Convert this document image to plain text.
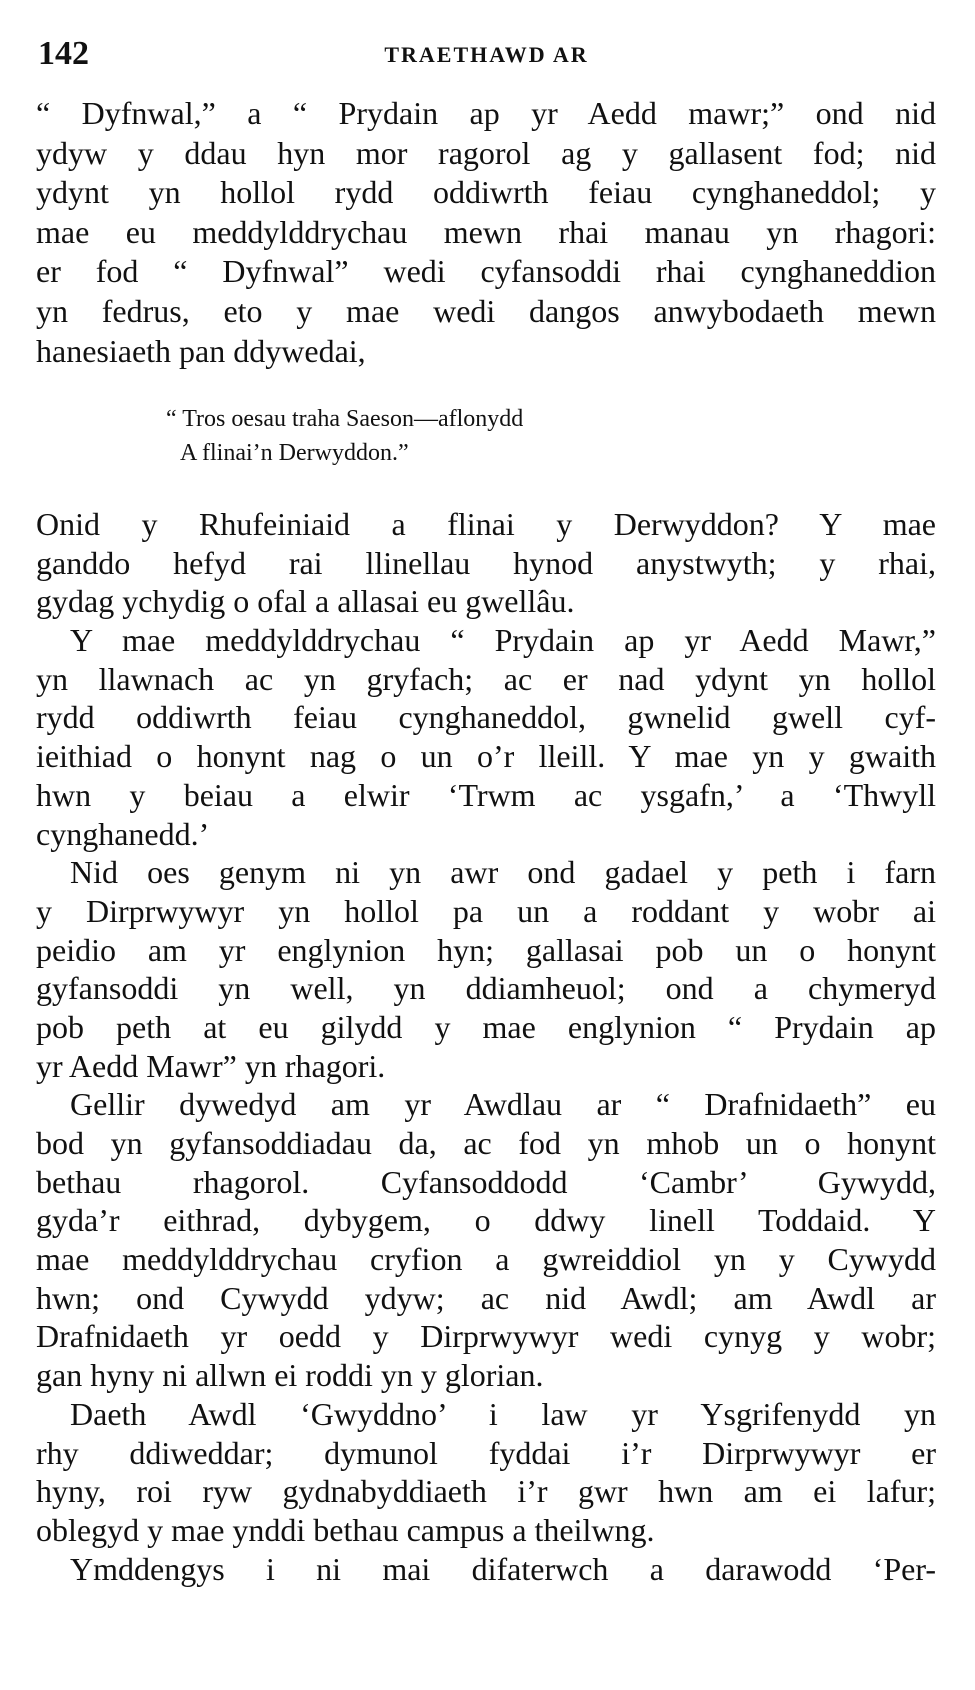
142	TRAETHAWD AR
“ Dyfnwal,” a “ Prydain ap yr Aedd mawr;” ond nid
ydyw y ddau hyn mor ragorol ag y gallasent fod; nid
ydynt yn hollol rydd oddiwrth feiau cynghaneddol; y
mae eu meddylddrychau mewn rhai manau yn rhagori:
er fod “ Dyfnwal” wedi cyfansoddi rhai cynghaneddion
yn fedrus, eto y mae wedi dangos anwybodaeth mewn
hanesiaeth pan ddywedai,
“ Tros oesau traha Saeson—aflonydd
A flinai’n Derwyddon.”
Onid y Rhufeiniaid a flinai y Derwyddon? Y mae
ganddo hefyd rai llinellau hynod anystwyth; y rhai,
gydag ychydig o ofal a allasai eu gwellâu.
Y mae meddylddrychau “ Prydain ap yr Aedd Mawr,”
yn llawnach ac yn gryfach; ac er nad ydynt yn hollol
rydd oddiwrth feiau cynghaneddol, gwnelid gwell cyf-
ieithiad o honynt nag o un o’r lleill. Y mae yn y gwaith
hwn y beiau a elwir ‘Trwm ac ysgafn,’ a ‘Thwyll
cynghanedd.’
Nid oes genym ni yn awr ond gadael y peth i farn
y Dirprwywyr yn hollol pa un a roddant y wobr ai
peidio am yr englynion hyn; gallasai pob un o honynt
gyfansoddi yn well, yn ddiamheuol; ond a chymeryd
pob peth at eu gilydd y mae englynion “ Prydain ap
yr Aedd Mawr” yn rhagori.
Gellir dywedyd am yr Awdlau ar “ Drafnidaeth” eu
bod yn gyfansoddiadau da, ac fod yn mhob un o honynt
bethau rhagorol. Cyfansoddodd ‘Cambr’ Gywydd,
gyda’r eithrad, dybygem, o ddwy linell Toddaid. Y
mae meddylddrychau cryfion a gwreiddiol yn y Cywydd
hwn; ond Cywydd ydyw; ac nid Awdl; am Awdl ar
Drafnidaeth yr oedd y Dirprwywyr wedi cynyg y wobr;
gan hyny ni allwn ei roddi yn y glorian.
Daeth Awdl ‘Gwyddno’ i law yr Ysgrifenydd yn
rhy ddiweddar; dymunol fyddai i’r Dirprwywyr er
hyny, roi ryw gydnabyddiaeth i’r gwr hwn am ei lafur;
oblegyd y mae ynddi bethau campus a theilwng.
Ymddengys i ni mai difaterwch a darawodd ‘Per-
